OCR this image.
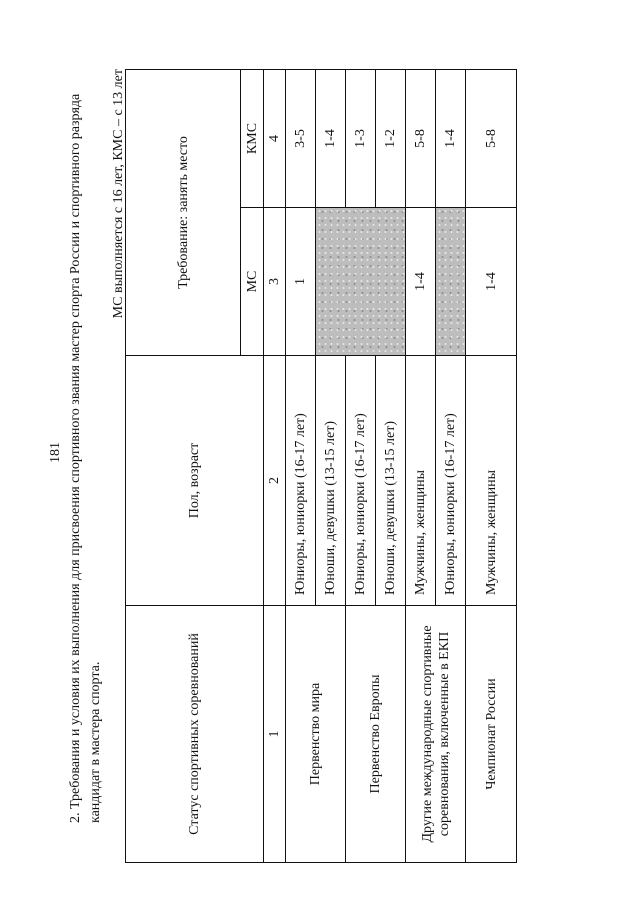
181 2. Требования и условия их выполнения для присвоения спортивного звания мастер спорта России и спортивного разряда кандидат в мастера спорта.
МС выполняется с 16 лет, КМС – с 13 лет
Статус спортивных соревнований	Пол, возраст	Требование: занять место	
		МС	КМС
1	2	3	4
Первенство мира	Юниоры, юниорки (16-17 лет)	1	3-5
	Юноши, девушки (13-15 лет)		1-4
Первенство Европы	Юниоры, юниорки (16-17 лет)		1-3
	Юноши, девушки (13-15 лет)		1-2
Другие международные спортивные соревнования, включенные в ЕКП	Мужчины, женщины	1-4	5-8
	Юниоры, юниорки (16-17 лет)		1-4
Чемпионат России	Мужчины, женщины	1-4	5-8
